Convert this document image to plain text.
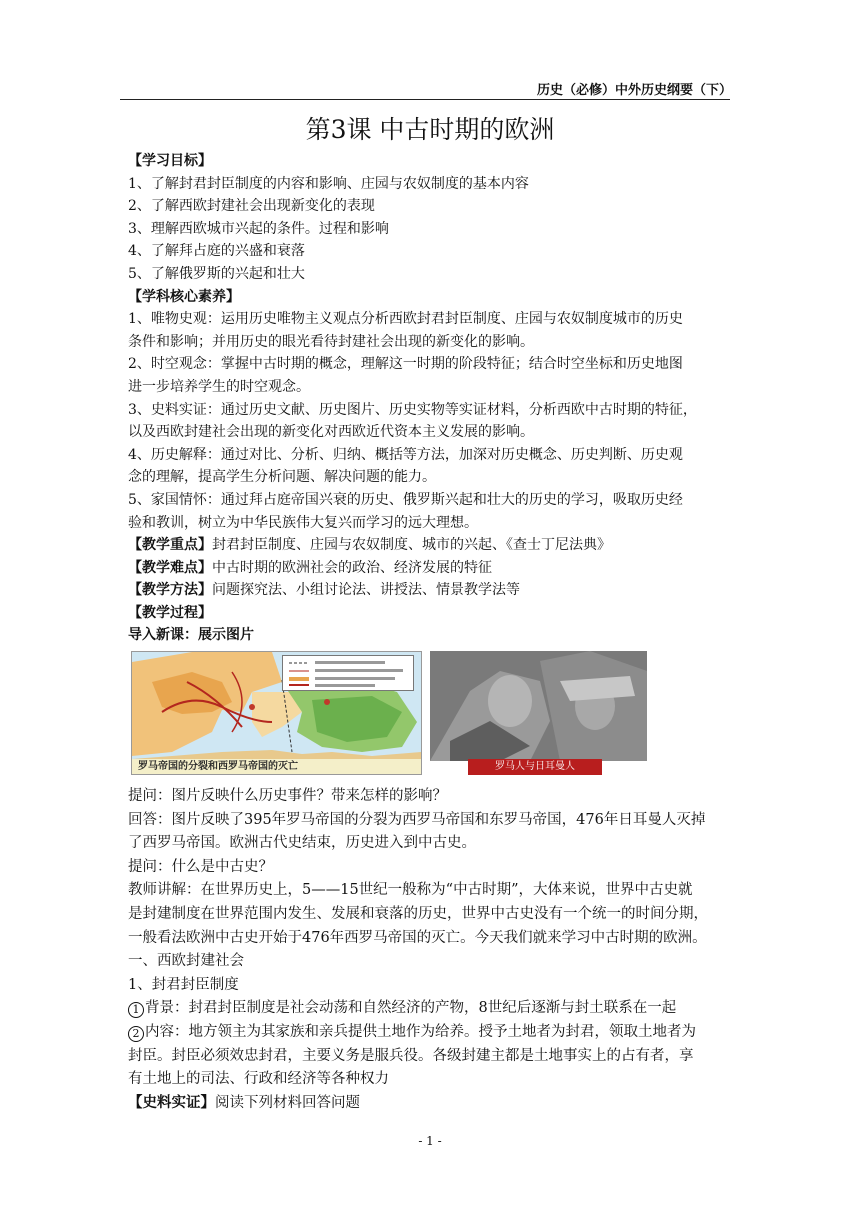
历史（必修）中外历史纲要（下）
第3课 中古时期的欧洲
【学习目标】
1、了解封君封臣制度的内容和影响、庄园与农奴制度的基本内容
2、了解西欧封建社会出现新变化的表现
3、理解西欧城市兴起的条件。过程和影响
4、了解拜占庭的兴盛和衰落
5、了解俄罗斯的兴起和壮大
【学科核心素养】
1、唯物史观：运用历史唯物主义观点分析西欧封君封臣制度、庄园与农奴制度城市的历史
条件和影响；并用历史的眼光看待封建社会出现的新变化的影响。
2、时空观念：掌握中古时期的概念，理解这一时期的阶段特征；结合时空坐标和历史地图
进一步培养学生的时空观念。
3、史料实证：通过历史文献、历史图片、历史实物等实证材料，分析西欧中古时期的特征，
以及西欧封建社会出现的新变化对西欧近代资本主义发展的影响。
4、历史解释：通过对比、分析、归纳、概括等方法，加深对历史概念、历史判断、历史观
念的理解，提高学生分析问题、解决问题的能力。
5、家国情怀：通过拜占庭帝国兴衰的历史、俄罗斯兴起和壮大的历史的学习，吸取历史经
验和教训，树立为中华民族伟大复兴而学习的远大理想。
【教学重点】封君封臣制度、庄园与农奴制度、城市的兴起、《查士丁尼法典》
【教学难点】中古时期的欧洲社会的政治、经济发展的特征
【教学方法】问题探究法、小组讨论法、讲授法、情景教学法等
【教学过程】
导入新课：展示图片
罗马帝国的分裂和西罗马帝国的灭亡	罗马人与日耳曼人
提问：图片反映什么历史事件？带来怎样的影响？
回答：图片反映了395年罗马帝国的分裂为西罗马帝国和东罗马帝国，476年日耳曼人灭掉
了西罗马帝国。欧洲古代史结束，历史进入到中古史。
提问：什么是中古史？
教师讲解：在世界历史上，5——15世纪一般称为“中古时期”，大体来说，世界中古史就
是封建制度在世界范围内发生、发展和衰落的历史，世界中古史没有一个统一的时间分期，
一般看法欧洲中古史开始于476年西罗马帝国的灭亡。今天我们就来学习中古时期的欧洲。
一、西欧封建社会
1、封君封臣制度
1 背景：封君封臣制度是社会动荡和自然经济的产物，8世纪后逐渐与封土联系在一起
2 内容：地方领主为其家族和亲兵提供土地作为给养。授予土地者为封君，领取土地者为
封臣。封臣必须效忠封君，主要义务是服兵役。各级封建主都是土地事实上的占有者，享
有土地上的司法、行政和经济等各种权力
【史料实证】阅读下列材料回答问题
- 1 -
